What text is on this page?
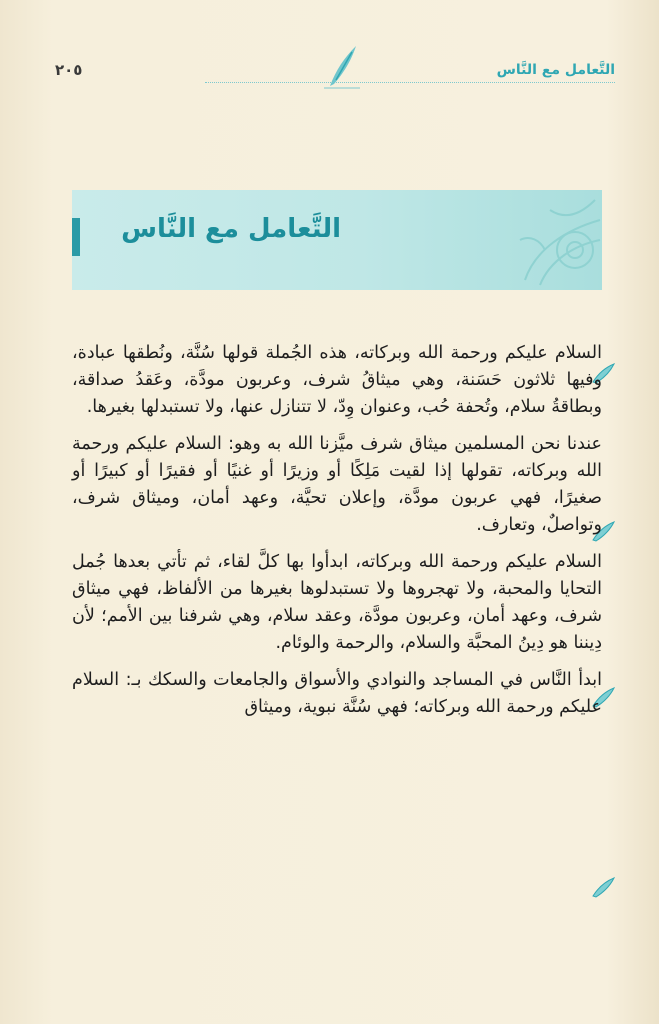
٢٠٥	التَّعامل مع النَّاس
التَّعامل مع النَّاس

السلام عليكم ورحمة الله وبركاته، هذه الجُملة قولها سُنَّة، ونُطقها عبادة، وفيها ثلاثون حَسَنة، وهي ميثاقُ شرف، وعربون مودَّة، وعَقدُ صداقة، وبطاقةُ سلام، وتُحفة حُب، وعنوان وِدّ، لا تتنازل عنها، ولا تستبدلها بغيرها.

عندنا نحن المسلمين ميثاق شرف ميَّزنا الله به وهو: السلام عليكم ورحمة الله وبركاته، تقولها إذا لقيت مَلِكًا أو وزيرًا أو غنيًا أو فقيرًا أو كبيرًا أو صغيرًا، فهي عربون مودَّة، وإعلان تحيَّة، وعهد أمان، وميثاق شرف، وتواصلٌ، وتعارف.

السلام عليكم ورحمة الله وبركاته، ابدأوا بها كلَّ لقاء، ثم تأتي بعدها جُمل التحايا والمحبة، ولا تهجروها ولا تستبدلوها بغيرها من الألفاظ، فهي ميثاق شرف، وعهد أمان، وعربون مودَّة، وعقد سلام، وهي شرفنا بين الأمم؛ لأن دِيننا هو دِينُ المحبَّة والسلام، والرحمة والوئام.

ابدأ النَّاس في المساجد والنوادي والأسواق والجامعات والسكك بـ: السلام عليكم ورحمة الله وبركاته؛ فهي سُنَّة نبوية، وميثاق
